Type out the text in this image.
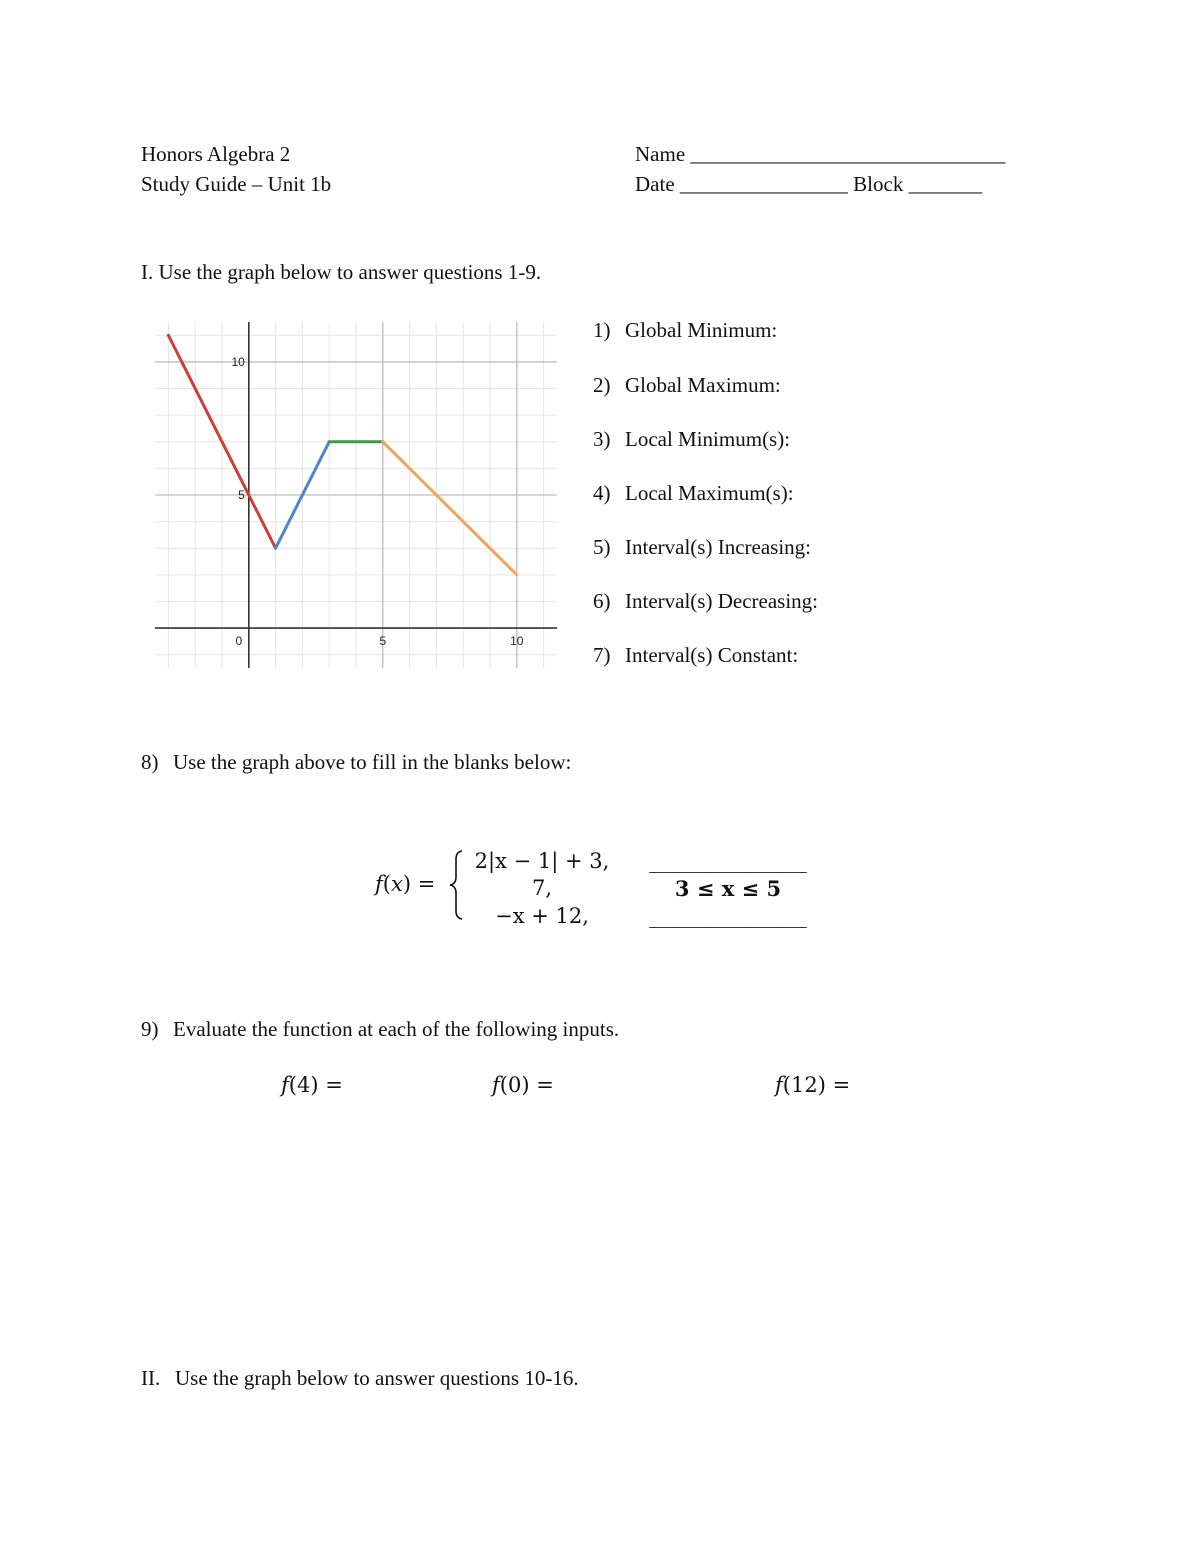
Honors Algebra 2
Study Guide – Unit 1b
Name ______________________________
Date ________________ Block _______
I. Use the graph below to answer questions 1-9.
0	5	10
10
5
1) Global Minimum:
2) Global Maximum:
3) Local Minimum(s):
4) Local Maximum(s):
5) Interval(s) Increasing:
6) Interval(s) Decreasing:
7) Interval(s) Constant:
8) Use the graph above to fill in the blanks below:
f(x) =
2|x − 1| + 3,
7,
−x + 12,
_______________
3 ≤ x ≤ 5
_______________
9) Evaluate the function at each of the following inputs.
f(4) =	f(0) =	f(12) =
II. Use the graph below to answer questions 10-16.
